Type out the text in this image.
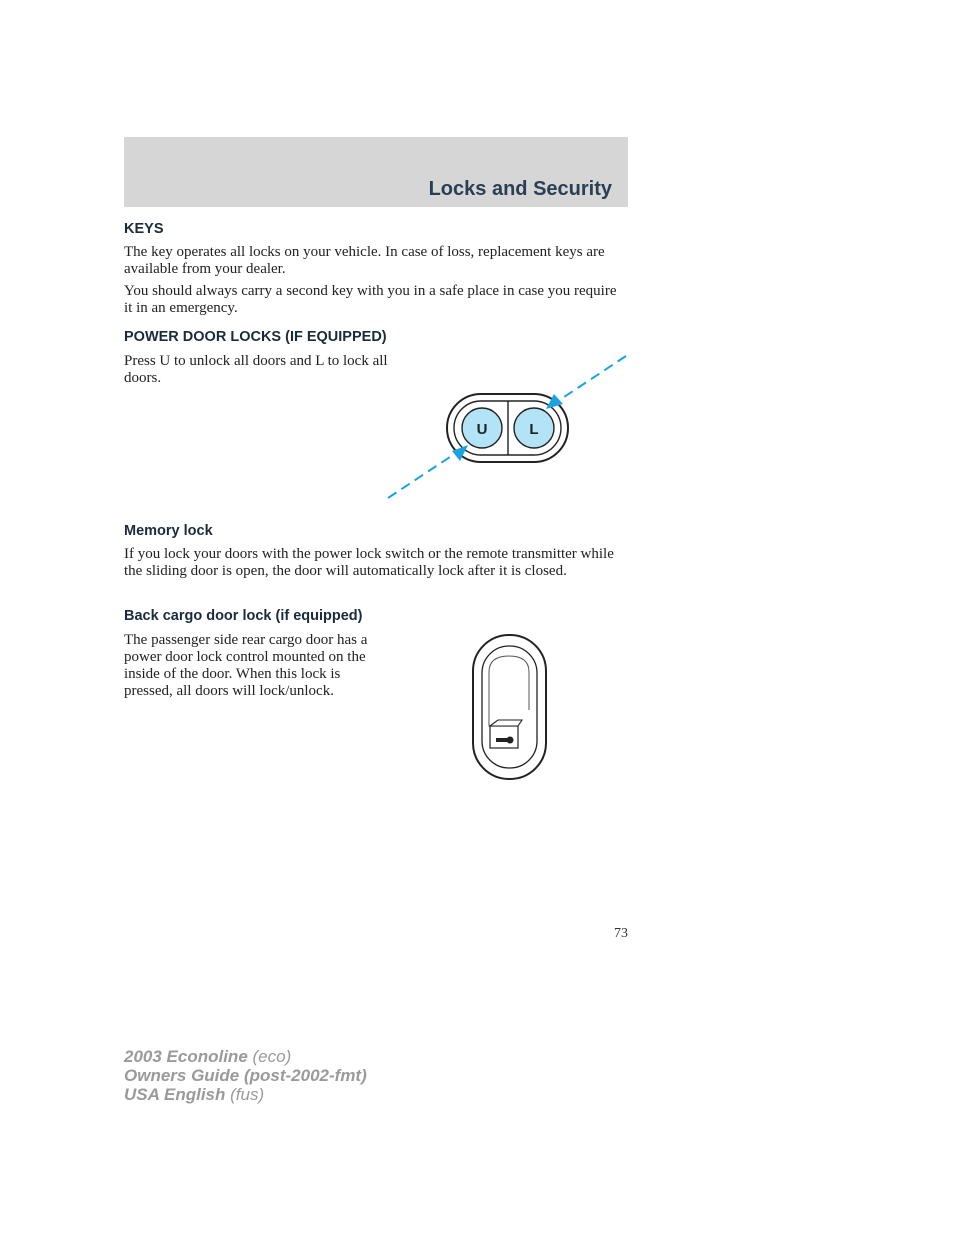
Locks and Security
KEYS

The key operates all locks on your vehicle. In case of loss, replacement keys are available from your dealer.

You should always carry a second key with you in a safe place in case you require it in an emergency.

POWER DOOR LOCKS (IF EQUIPPED)

Press U to unlock all doors and L to lock all doors.

U	L
Memory lock

If you lock your doors with the power lock switch or the remote transmitter while the sliding door is open, the door will automatically lock after it is closed.

Back cargo door lock (if equipped)

The passenger side rear cargo door has a power door lock control mounted on the inside of the door. When this lock is pressed, all doors will lock/unlock.

73
2003 Econoline (eco)
Owners Guide (post-2002-fmt)
USA English (fus)
